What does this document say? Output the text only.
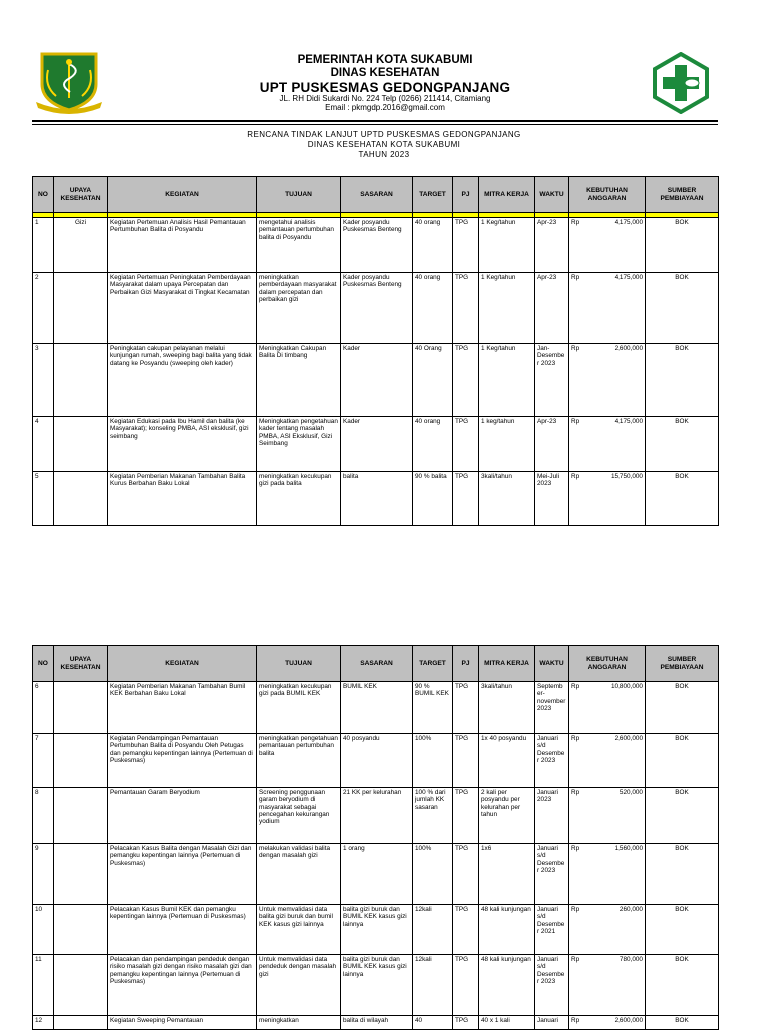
PEMERINTAH KOTA SUKABUMI
DINAS KESEHATAN
UPT PUSKESMAS GEDONGPANJANG
JL. RH Didi Sukardi No. 224 Telp (0266) 211414, Citamiang
Email : pkmgdp.2016@gmail.com
RENCANA TINDAK LANJUT UPTD PUSKESMAS GEDONGPANJANG
DINAS KESEHATAN KOTA SUKABUMI
TAHUN 2023
NO	UPAYA KESEHATAN	KEGIATAN	TUJUAN	SASARAN	TARGET	PJ	MITRA KERJA	WAKTU	KEBUTUHAN ANGGARAN	SUMBER PEMBIAYAAN

1	Gizi	Kegiatan Pertemuan Analisis Hasil Pemantauan Pertumbuhan Balita di Posyandu	mengetahui analisis pemantauan pertumbuhan balita di Posyandu	Kader posyandu Puskesmas Benteng	40 orang	TPG	1 Keg/tahun	Apr-23	Rp 4,175,000	BOK
2		Kegiatan Pertemuan Peningkatan Pemberdayaan Masyarakat dalam upaya Percepatan dan Perbaikan Gizi Masyarakat di Tingkat Kecamatan	meningkatkan pemberdayaan masyarakat dalam percepatan dan perbaikan gizi	Kader posyandu Puskesmas Benteng	40 orang	TPG	1 Keg/tahun	Apr-23	Rp 4,175,000	BOK
3		Peningkatan cakupan pelayanan melalui kunjungan rumah, sweeping bagi balita yang tidak datang ke Posyandu (sweeping oleh kader)	Meningkatkan Cakupan Balita Di timbang	Kader	40 Orang	TPG	1 Keg/tahun	Jan-Desember 2023	Rp 2,600,000	BOK
4		Kegiatan Edukasi pada Ibu Hamil dan balita (ke Masyarakat); konseling PMBA, ASI eksklusif, gizi seimbang	Meningkatkan pengetahuan kader tentang masalah PMBA, ASI Eksklusif, Gizi Seimbang	Kader	40 orang	TPG	1 keg/tahun	Apr-23	Rp 4,175,000	BOK
5		Kegiatan Pemberian Makanan Tambahan Balita Kurus Berbahan Baku Lokal	meningkatkan kecukupan gizi pada balita	balita	90 % balita	TPG	3kali/tahun	Mei-Juli 2023	Rp 15,750,000	BOK
NO	UPAYA KESEHATAN	KEGIATAN	TUJUAN	SASARAN	TARGET	PJ	MITRA KERJA	WAKTU	KEBUTUHAN ANGGARAN	SUMBER PEMBIAYAAN
6		Kegiatan Pemberian Makanan Tambahan Bumil KEK Berbahan Baku Lokal	meningkatkan kecukupan gizi pada BUMIL KEK	BUMIL KEK	90 % BUMIL KEK	TPG	3kali/tahun	September-november 2023	Rp 10,800,000	BOK
7		Kegiatan Pendampingan Pemantauan Pertumbuhan Balita di Posyandu Oleh Petugas dan pemangku kepentingan lainnya (Pertemuan di Puskesmas)	meningkatkan pengetahuan pemantauan pertumbuhan balita	40 posyandu	100%	TPG	1x 40 posyandu	Januari s/d Desember 2023	Rp 2,600,000	BOK
8		Pemantauan Garam Beryodium	Screening penggunaan garam beryodium di masyarakat sebagai pencegahan kekurangan yodium	21 KK per kelurahan	100 % dari jumlah KK sasaran	TPG	2 kali per posyandu per kelurahan per tahun	Januari 2023	Rp 520,000	BOK
9		Pelacakan Kasus Balita dengan Masalah Gizi dan pemangku kepentingan lainnya (Pertemuan di Puskesmas)	melakukan validasi balita dengan masalah gizi	1 orang	100%	TPG	1x6	Januari s/d Desember 2023	Rp 1,560,000	BOK
10		Pelacakan Kasus Bumil KEK dan pemangku kepentingan lainnya (Pertemuan di Puskesmas)	Untuk memvalidasi data balita gizi buruk dan bumil KEK kasus gizi lainnya	balita gizi buruk dan BUMIL KEK kasus gizi lainnya	12kali	TPG	48 kali kunjungan	Januari s/d Desember 2021	Rp 260,000	BOK
11		Pelacakan dan pendampingan pendeduk dengan risiko masalah gizi dengan risiko masalah gizi dan pemangku kepentingan lainnya (Pertemuan di Puskesmas)	Untuk memvalidasi data pendeduk dengan masalah gizi	balita gizi buruk dan BUMIL KEK kasus gizi lainnya	12kali	TPG	48 kali kunjungan	Januari s/d Desember 2023	Rp 780,000	BOK
12		Kegiatan Sweeping Pemantauan	meningkatkan	balita di wilayah	40	TPG	40 x 1 kali	Januari	Rp 2,600,000	BOK
